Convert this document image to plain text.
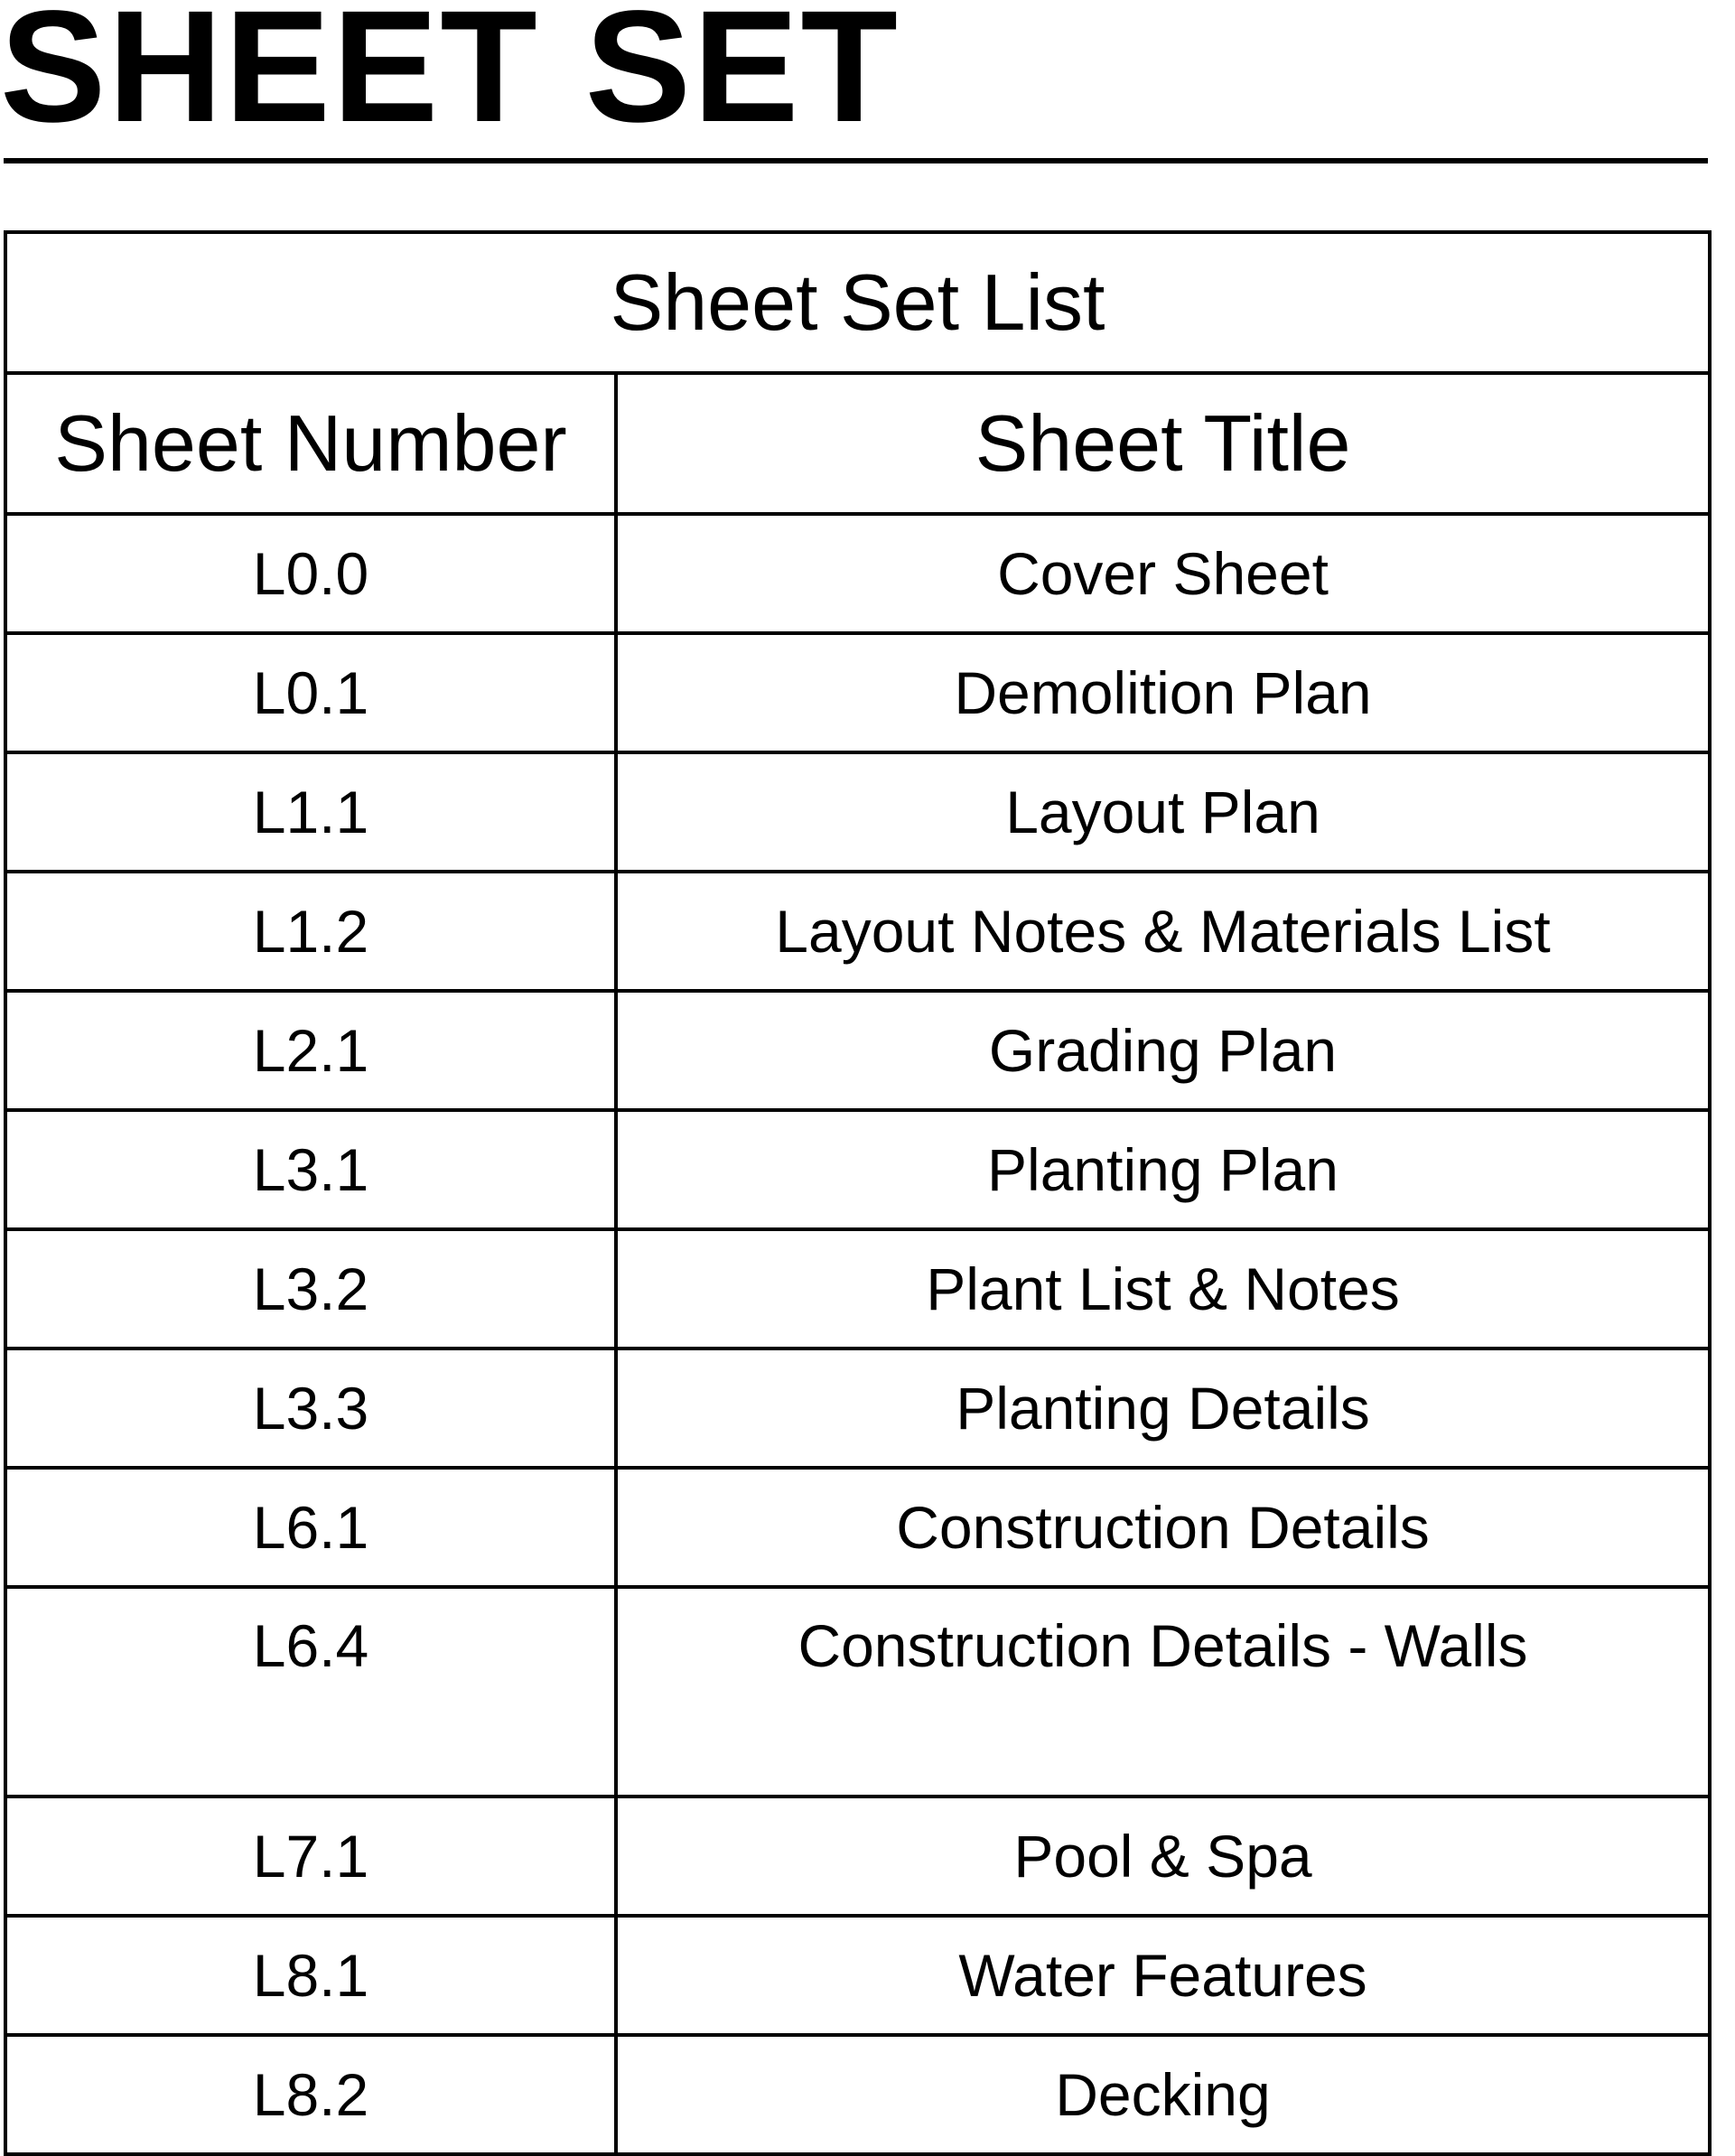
SHEET SET
Sheet Set List	
Sheet Number	Sheet Title
L0.0	Cover Sheet
L0.1	Demolition Plan
L1.1	Layout Plan
L1.2	Layout Notes & Materials List
L2.1	Grading Plan
L3.1	Planting Plan
L3.2	Plant List & Notes
L3.3	Planting Details
L6.1	Construction Details
L6.4	Construction Details - Walls
L7.1	Pool & Spa
L8.1	Water Features
L8.2	Decking
